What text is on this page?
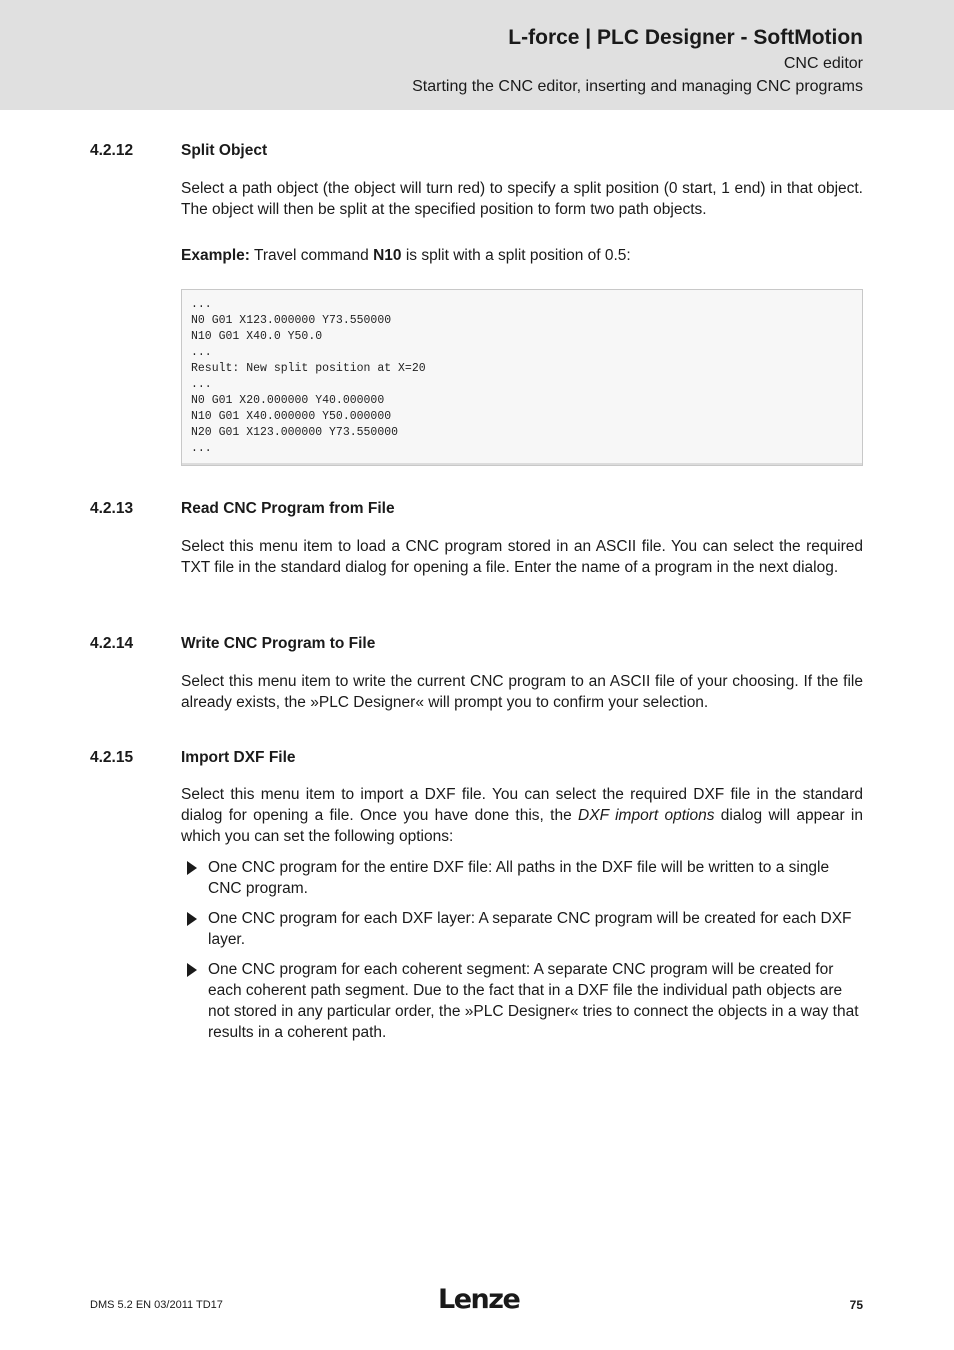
L-force | PLC Designer - SoftMotion
CNC editor
Starting the CNC editor, inserting and managing CNC programs
4.2.12	Split Object
Select a path object (the object will turn red) to specify a split position (0 start, 1 end) in that object. The object will then be split at the specified position to form two path objects.
Example: Travel command N10 is split with a split position of 0.5:
...
N0 G01 X123.000000 Y73.550000
N10 G01 X40.0 Y50.0
...
Result: New split position at X=20
...
N0 G01 X20.000000 Y40.000000
N10 G01 X40.000000 Y50.000000
N20 G01 X123.000000 Y73.550000
...
4.2.13	Read CNC Program from File
Select this menu item to load a CNC program stored in an ASCII file. You can select the required TXT file in the standard dialog for opening a file. Enter the name of a program in the next dialog.
4.2.14	Write CNC Program to File
Select this menu item to write the current CNC program to an ASCII file of your choosing. If the file already exists, the »PLC Designer« will prompt you to confirm your selection.
4.2.15	Import DXF File
Select this menu item to import a DXF file. You can select the required DXF file in the standard dialog for opening a file. Once you have done this, the DXF import options dialog will appear in which you can set the following options:
One CNC program for the entire DXF file: All paths in the DXF file will be written to a single CNC program.
One CNC program for each DXF layer: A separate CNC program will be created for each DXF layer.
One CNC program for each coherent segment: A separate CNC program will be created for each coherent path segment. Due to the fact that in a DXF file the individual path objects are not stored in any particular order, the »PLC Designer« tries to connect the objects in a way that results in a coherent path.
DMS 5.2 EN 03/2011 TD17	Lenze	75
